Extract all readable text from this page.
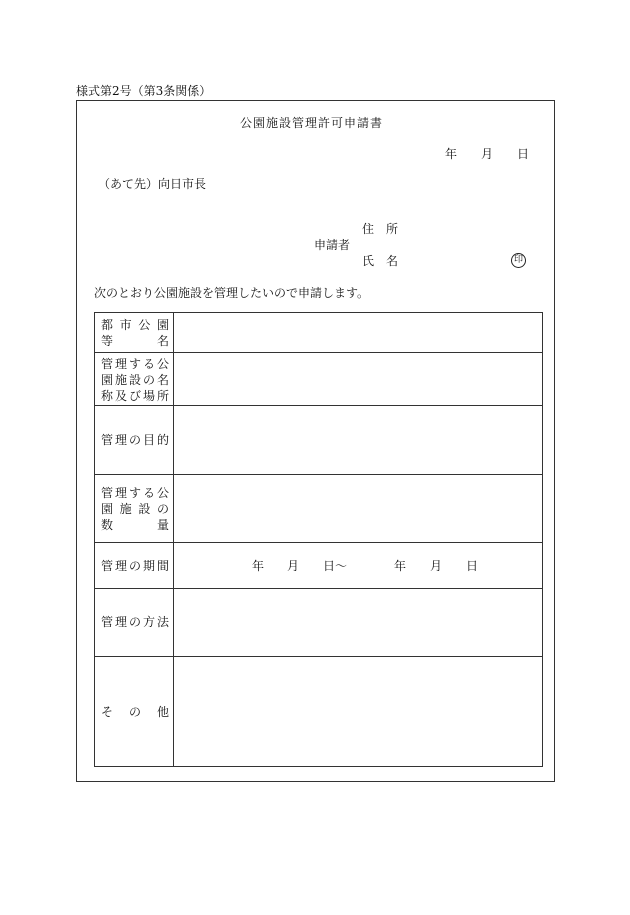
様式第2号（第3条関係）
公園施設管理許可申請書
年 月 日
（あて先）向日市長
住 所
申請者
氏 名	印
次のとおり公園施設を管理したいので申請します。
都 市 公 園
等	名
管 理 す る 公
園 施 設 の 名
称 及 び 場 所
管 理 の 目 的
管 理 す る 公
園 施 設 の
数	量
管 理 の 期 間	年 月 日〜	年 月 日
管 理 の 方 法
そ の 他
